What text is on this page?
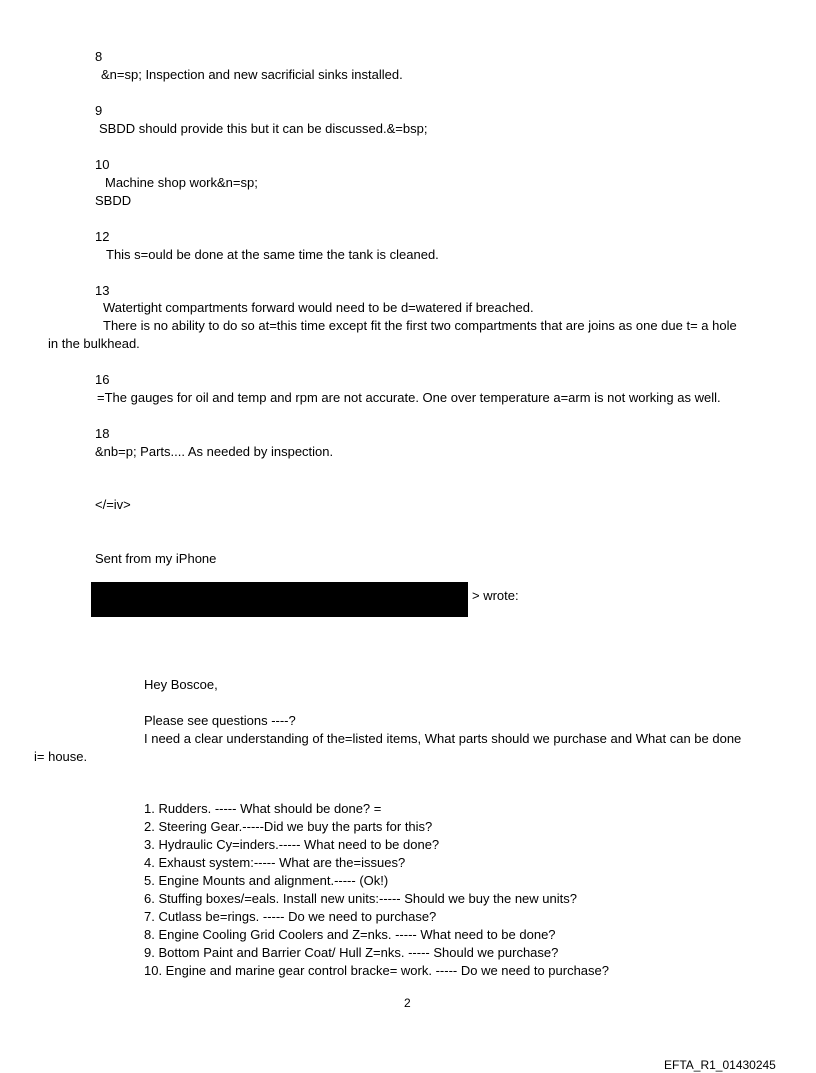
8
&n=sp; Inspection and new sacrificial sinks installed.
9
SBDD should provide this but it can be discussed.&=bsp;
10
Machine shop work&n=sp;
SBDD
12
This s=ould be done at the same time the tank is cleaned.
13
Watertight compartments forward would need to be d=watered if breached.
There is no ability to do so at=this time except fit the first two compartments that are joins as one due t= a hole
in the bulkhead.
16
=The gauges for oil and temp and rpm are not accurate. One over temperature a=arm is not working as well.
18
&nb=p; Parts.... As needed by inspection.
</=iv>
Sent from my iPhone
> wrote:
Hey Boscoe,
Please see questions ----?
I need a clear understanding of the=listed items, What parts should we purchase and What can be done
i= house.
1. Rudders. ----- What should be done? =
2. Steering Gear.-----Did we buy the parts for this?
3. Hydraulic Cy=inders.----- What need to be done?
4. Exhaust system:----- What are the=issues?
5. Engine Mounts and alignment.----- (Ok!)
6. Stuffing boxes/=eals. Install new units:----- Should we buy the new units?
7. Cutlass be=rings. ----- Do we need to purchase?
8. Engine Cooling Grid Coolers and Z=nks. ----- What need to be done?
9. Bottom Paint and Barrier Coat/ Hull Z=nks. ----- Should we purchase?
10. Engine and marine gear control bracke= work. ----- Do we need to purchase?
2
EFTA_R1_01430245
